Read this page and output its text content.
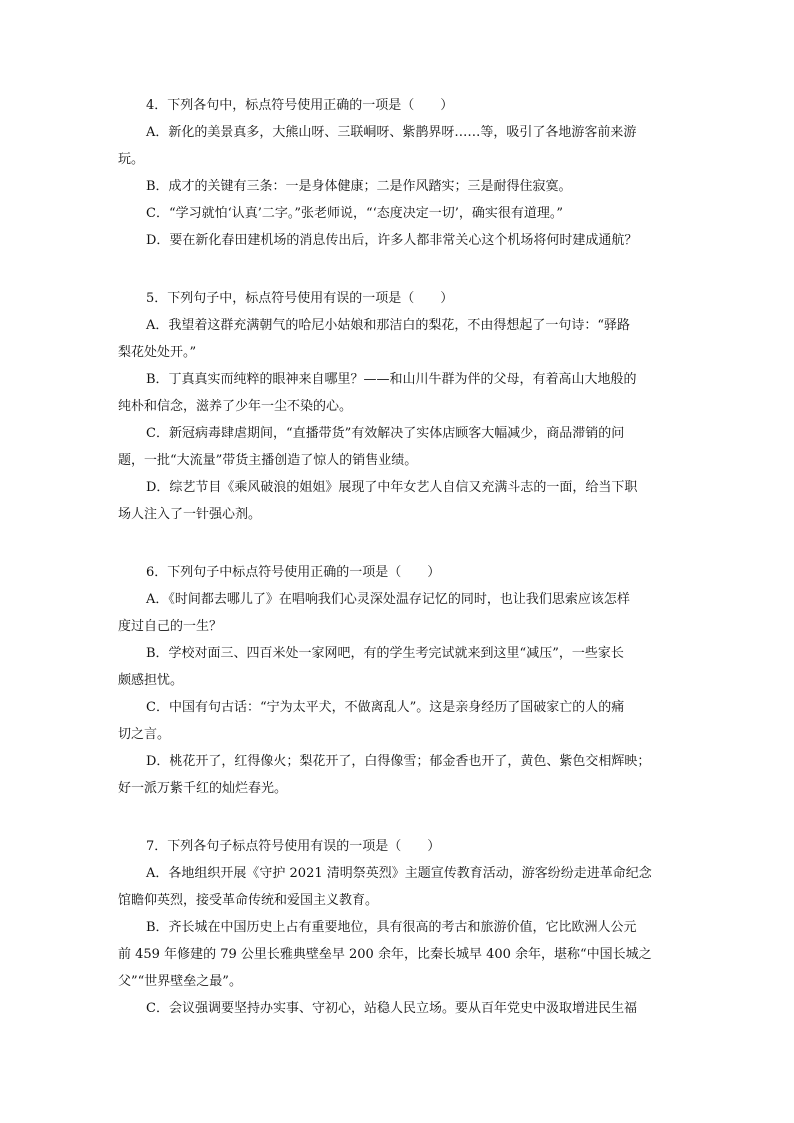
4．下列各句中，标点符号使用正确的一项是（　　）

A．新化的美景真多，大熊山呀、三联峒呀、紫鹊界呀……等，吸引了各地游客前来游

玩。

B．成才的关键有三条：一是身体健康；二是作风踏实；三是耐得住寂寞。

C．“学习就怕‘认真’二字。”张老师说，“‘态度决定一切’，确实很有道理。”

D．要在新化春田建机场的消息传出后，许多人都非常关心这个机场将何时建成通航？

5．下列句子中，标点符号使用有误的一项是（　　）

A．我望着这群充满朝气的哈尼小姑娘和那洁白的梨花，不由得想起了一句诗：“驿路

梨花处处开。”

B．丁真真实而纯粹的眼神来自哪里？——和山川牛群为伴的父母，有着高山大地般的

纯朴和信念，滋养了少年一尘不染的心。

C．新冠病毒肆虐期间，“直播带货”有效解决了实体店顾客大幅减少，商品滞销的问

题，一批“大流量”带货主播创造了惊人的销售业绩。

D．综艺节目《乘风破浪的姐姐》展现了中年女艺人自信又充满斗志的一面，给当下职

场人注入了一针强心剂。

6．下列句子中标点符号使用正确的一项是（　　）

A．《时间都去哪儿了》在唱响我们心灵深处温存记忆的同时，也让我们思索应该怎样

度过自己的一生？

B．学校对面三、四百米处一家网吧，有的学生考完试就来到这里“减压”，一些家长

颇感担忧。

C．中国有句古话：“宁为太平犬，不做离乱人”。这是亲身经历了国破家亡的人的痛

切之言。

D．桃花开了，红得像火；梨花开了，白得像雪；郁金香也开了，黄色、紫色交相辉映；

好一派万紫千红的灿烂春光。

7．下列各句子标点符号使用有误的一项是（　　）

A．各地组织开展《守护 2021 清明祭英烈》主题宣传教育活动，游客纷纷走进革命纪念

馆瞻仰英烈，接受革命传统和爱国主义教育。

B．齐长城在中国历史上占有重要地位，具有很高的考古和旅游价值，它比欧洲人公元

前 459 年修建的 79 公里长雅典壁垒早 200 余年，比秦长城早 400 余年，堪称“中国长城之

父”“世界壁垒之最”。

C．会议强调要坚持办实事、守初心，站稳人民立场。要从百年党史中汲取增进民生福
